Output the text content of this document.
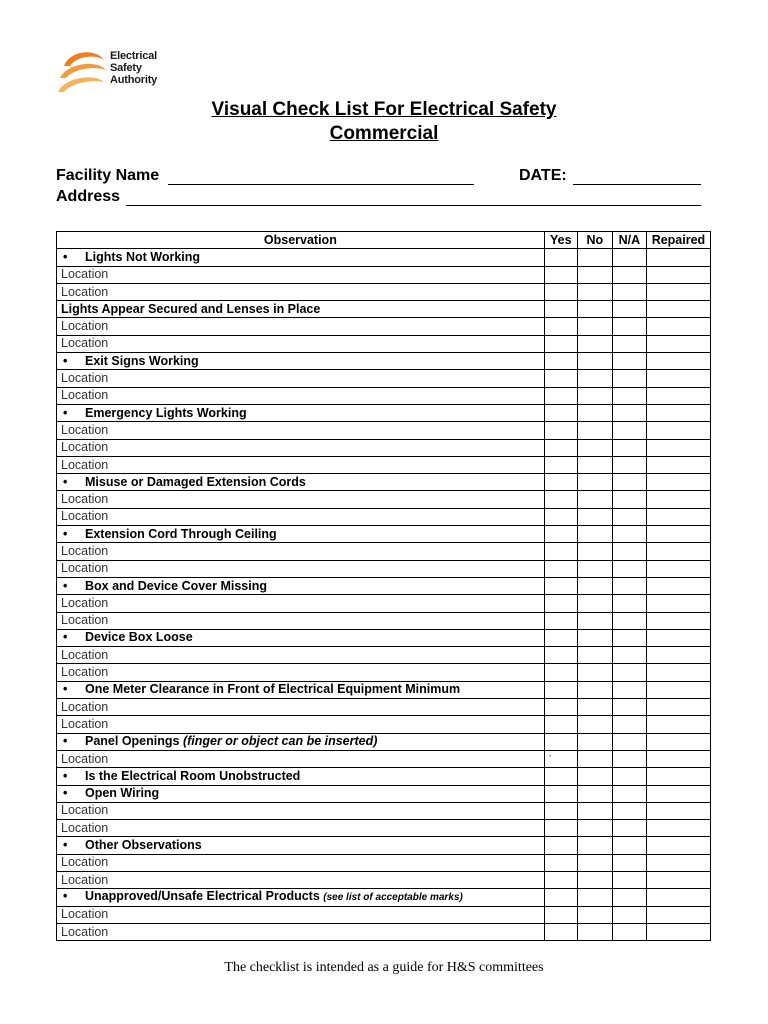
Electrical
Safety
Authority
Visual Check List For Electrical Safety
Commercial
Facility Name	DATE:
Address
Observation	Yes	No	N/A	Repaired
• Lights Not Working				
Location				
Location				
Lights Appear Secured and Lenses in Place				
Location				
Location				
• Exit Signs Working				
Location				
Location				
• Emergency Lights Working				
Location				
Location				
Location				
• Misuse or Damaged Extension Cords				
Location				
Location				
• Extension Cord Through Ceiling				
Location				
Location				
• Box and Device Cover Missing				
Location				
Location				
• Device Box Loose				
Location				
Location				
• One Meter Clearance in Front of Electrical Equipment Minimum				
Location				
Location				
• Panel Openings (finger or object can be inserted)				
Location	`			
• Is the Electrical Room Unobstructed				
• Open Wiring				
Location				
Location				
• Other Observations				
Location				
Location				
• Unapproved/Unsafe Electrical Products (see list of acceptable marks)				
Location				
Location				
The checklist is intended as a guide for H&S committees
